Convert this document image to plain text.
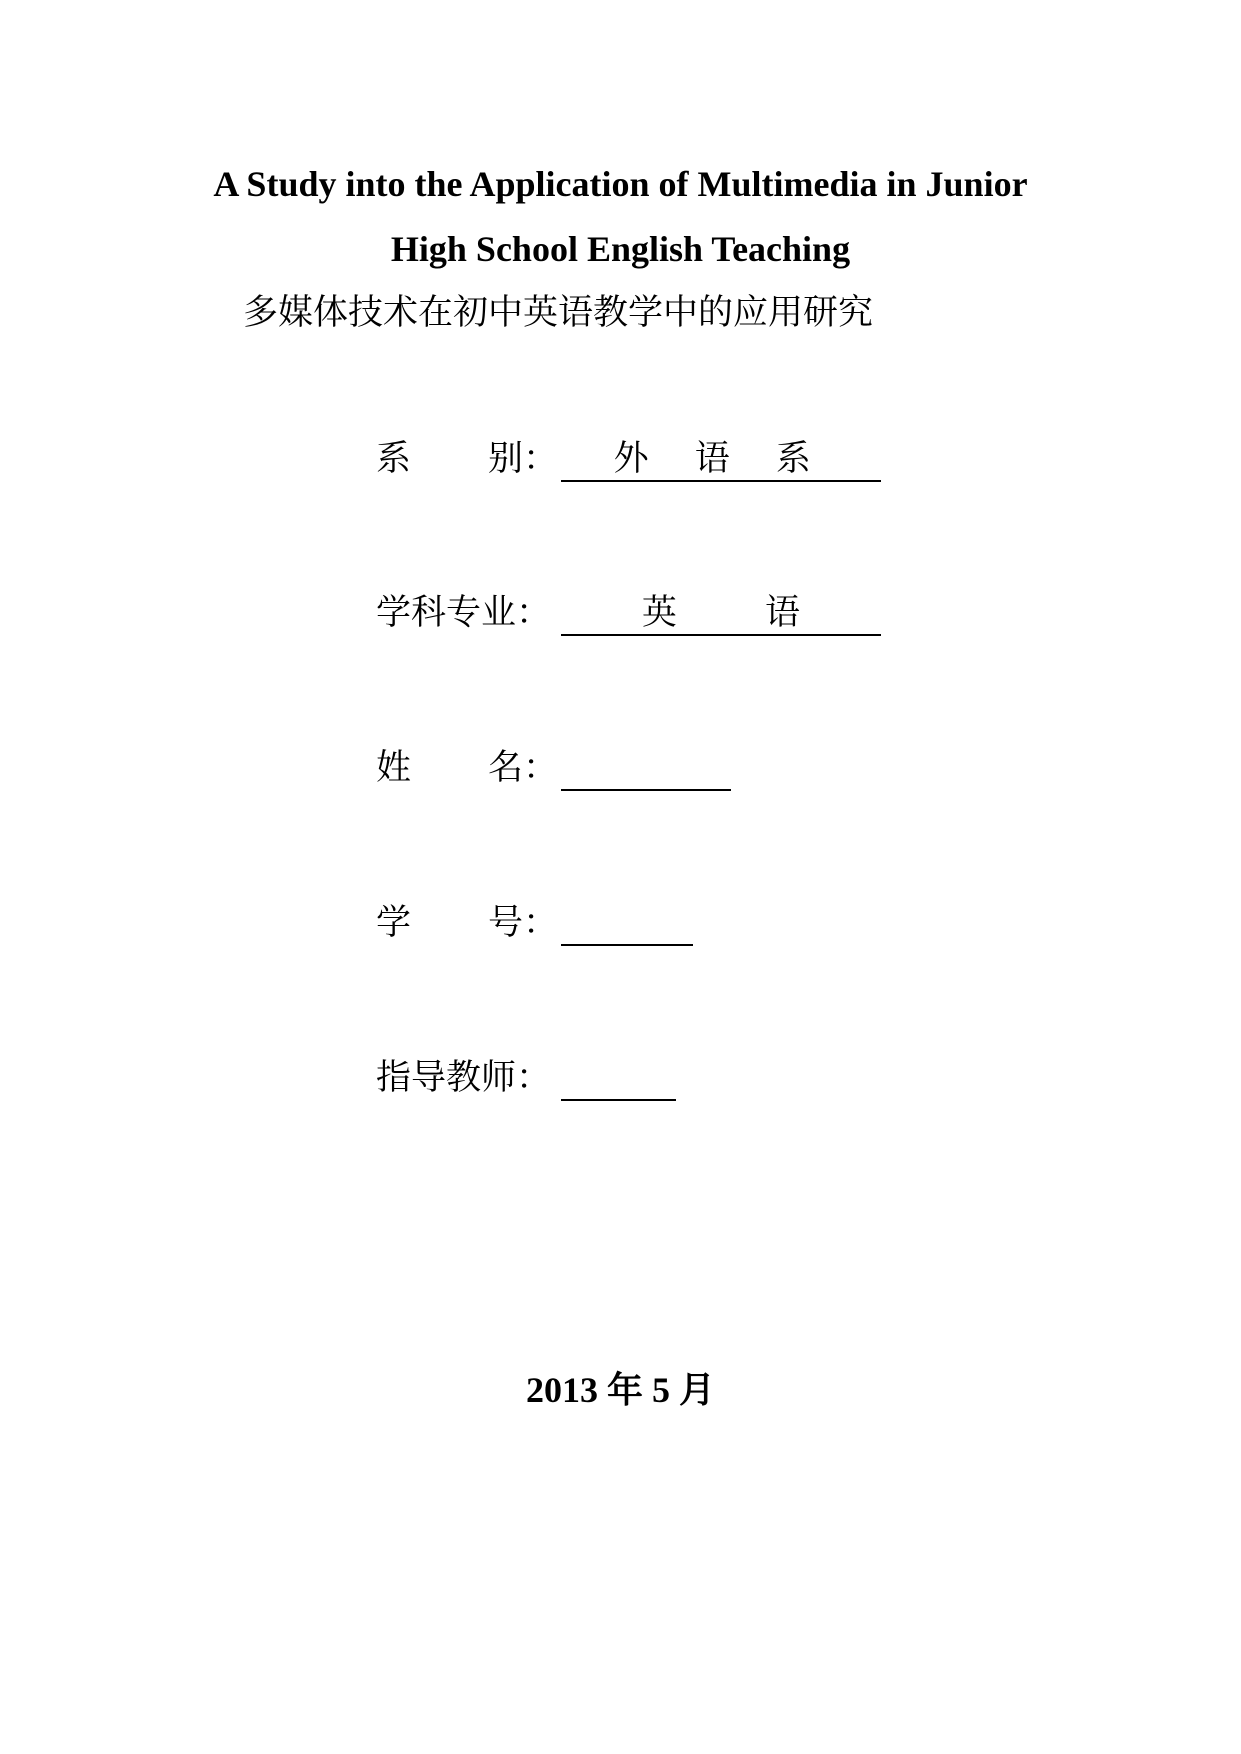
A Study into the Application of Multimedia in Junior
High School English Teaching
多媒体技术在初中英语教学中的应用研究
系 别： 外 语 系
学科专业：	英 语
姓 名：
学 号：
指导教师：
2013 年 5 月
